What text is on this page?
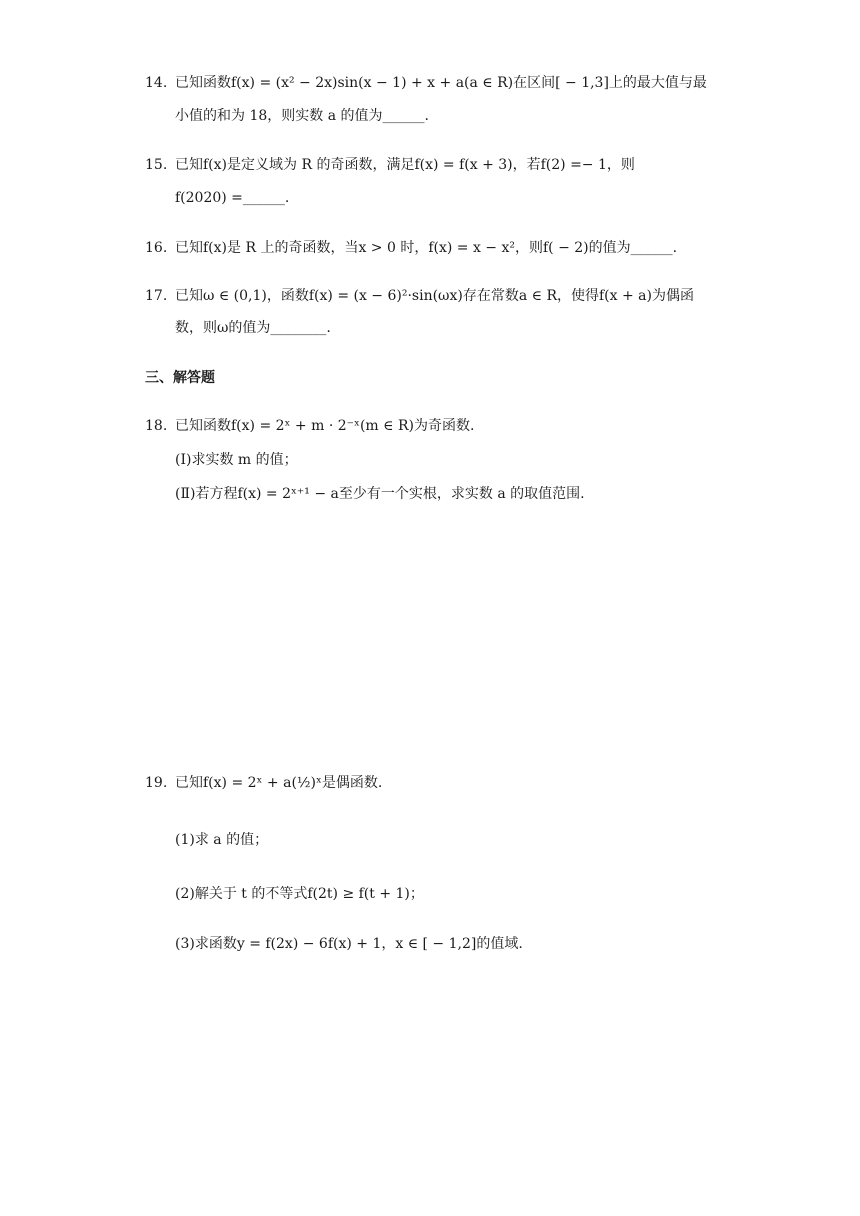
14. 已知函数f(x) = (x² − 2x)sin(x − 1) + x + a(a ∈ R)在区间[ − 1,3]上的最大值与最
小值的和为 18，则实数 a 的值为______.
15. 已知f(x)是定义域为 R 的奇函数，满足f(x) = f(x + 3)，若f(2) =− 1，则
f(2020) =______.
16. 已知f(x)是 R 上的奇函数，当x > 0 时，f(x) = x − x²，则f( − 2)的值为______.
17. 已知ω ∈ (0,1)，函数f(x) = (x − 6)²·sin(ωx)存在常数a ∈ R，使得f(x + a)为偶函
数，则ω的值为________.
三、解答题
18. 已知函数f(x) = 2ˣ + m · 2⁻ˣ(m ∈ R)为奇函数.
(Ⅰ)求实数 m 的值；
(Ⅱ)若方程f(x) = 2ˣ⁺¹ − a至少有一个实根，求实数 a 的取值范围.
19. 已知f(x) = 2ˣ + a(½)ˣ是偶函数.
(1)求 a 的值；
(2)解关于 t 的不等式f(2t) ≥ f(t + 1)；
(3)求函数y = f(2x) − 6f(x) + 1，x ∈ [ − 1,2]的值域.
